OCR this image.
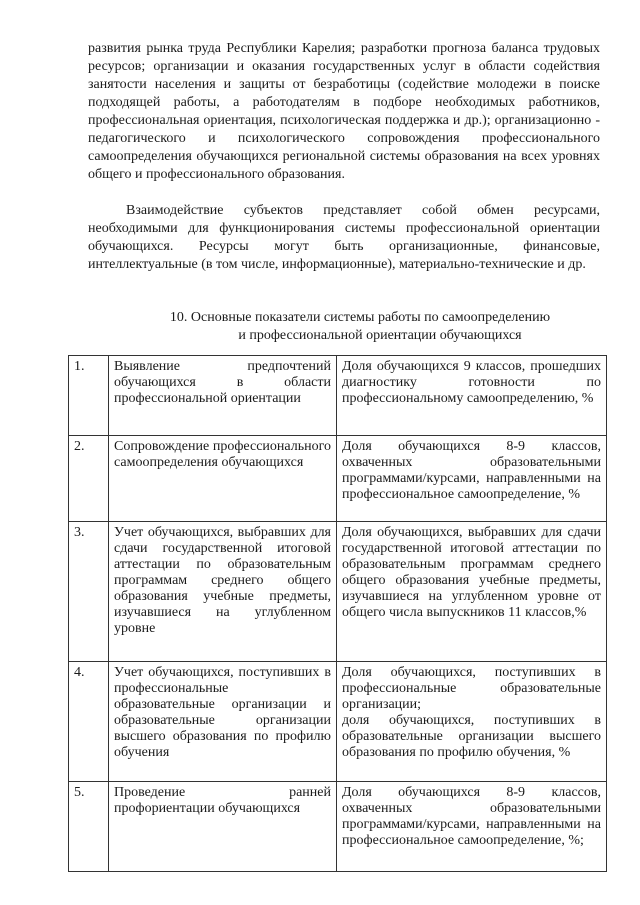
развития рынка труда Республики Карелия; разработки прогноза баланса трудовых ресурсов; организации и оказания государственных услуг в области содействия занятости населения и защиты от безработицы (содействие молодежи в поиске подходящей работы, а работодателям в подборе необходимых работников, профессиональная ориентация, психологическая поддержка и др.); организационно - педагогического и психологического сопровождения профессионального самоопределения обучающихся региональной системы образования на всех уровнях общего и профессионального образования.

Взаимодействие субъектов представляет собой обмен ресурсами, необходимыми для функционирования системы профессиональной ориентации обучающихся. Ресурсы могут быть организационные, финансовые, интеллектуальные (в том числе, информационные), материально-технические и др.

10. Основные показатели системы работы по самоопределению
и профессиональной ориентации обучающихся
1.	Выявление предпочтений обучающихся в области профессиональной ориентации	Доля обучающихся 9 классов, прошедших диагностику готовности по профессиональному самоопределению, %
2.	Сопровождение профессионального самоопределения обучающихся	Доля обучающихся 8-9 классов, охваченных образовательными программами/курсами, направленными на профессиональное самоопределение, %
3.	Учет обучающихся, выбравших для сдачи государственной итоговой аттестации по образовательным программам среднего общего образования учебные предметы, изучавшиеся на углубленном уровне	Доля обучающихся, выбравших для сдачи государственной итоговой аттестации по образовательным программам среднего общего образования учебные предметы, изучавшиеся на углубленном уровне от общего числа выпускников 11 классов,%
4.	Учет обучающихся, поступивших в профессиональные образовательные организации и образовательные организации высшего образования по профилю обучения	Доля обучающихся, поступивших в профессиональные образовательные организации;
доля обучающихся, поступивших в образовательные организации высшего образования по профилю обучения, %

5.	Проведение ранней профориентации обучающихся	Доля обучающихся 8-9 классов, охваченных образовательными программами/курсами, направленными на профессиональное самоопределение, %;
